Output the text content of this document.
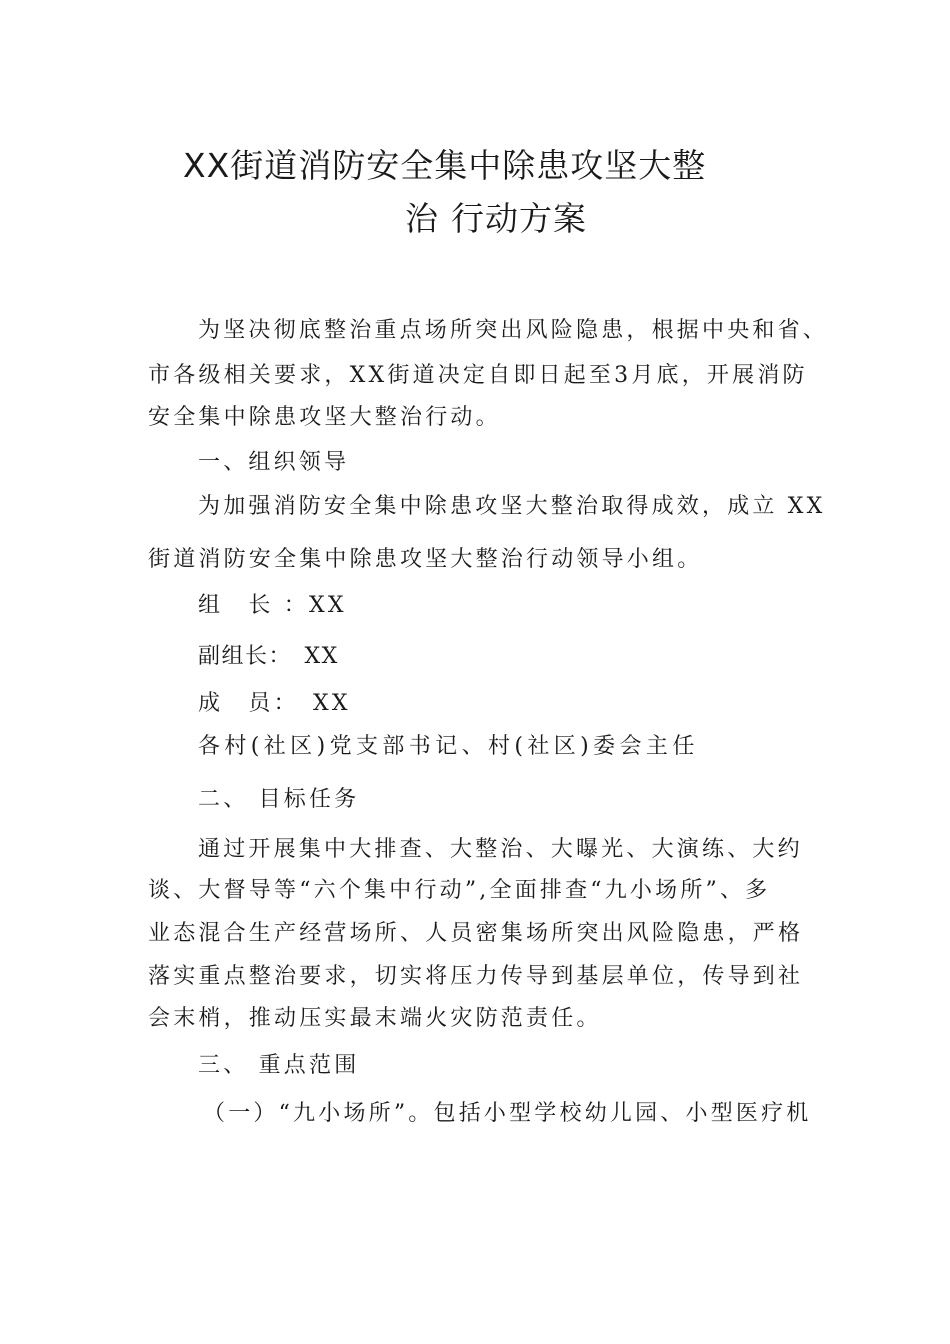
XX街道消防安全集中除患攻坚大整
治 行动方案
为坚决彻底整治重点场所突出风险隐患，根据中央和省、
市各级相关要求，XX街道决定自即日起至3月底，开展消防
安全集中除患攻坚大整治行动。
一、组织领导
为加强消防安全集中除患攻坚大整治取得成效，成立 XX
街道消防安全集中除患攻坚大整治行动领导小组。
组　长 ：XX
副组长：　XX
成　员：　XX
各村(社区)党支部书记、村(社区)委会主任
二、 目标任务
通过开展集中大排查、大整治、大曝光、大演练、大约
谈、大督导等“六个集中行动”,全面排查“九小场所”、多
业态混合生产经营场所、人员密集场所突出风险隐患，严格
落实重点整治要求，切实将压力传导到基层单位，传导到社
会末梢，推动压实最末端火灾防范责任。
三、 重点范围
（一）“九小场所”。包括小型学校幼儿园、小型医疗机
